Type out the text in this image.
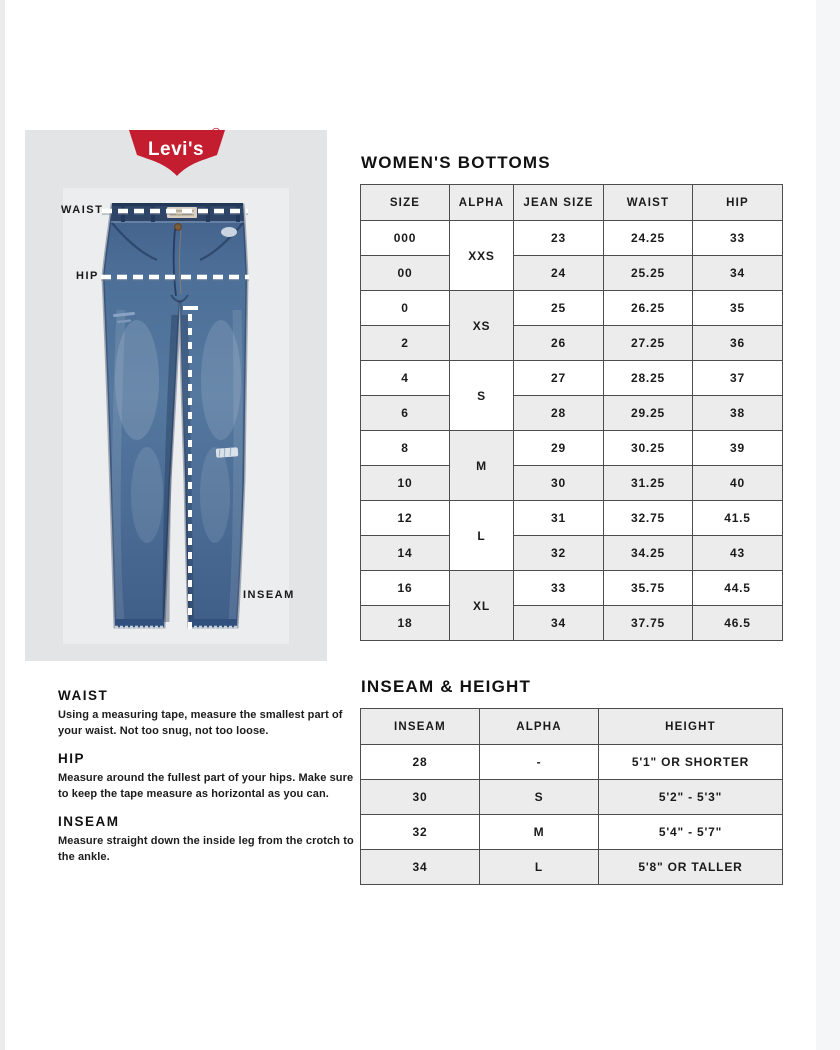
Levi's
®
WAIST
HIP
INSEAM
WOMEN'S BOTTOMS
SIZE	ALPHA	JEAN SIZE	WAIST	HIP
000	XXS	23	24.25	33
00		24	25.25	34
0	XS	25	26.25	35
2		26	27.25	36
4	S	27	28.25	37
6		28	29.25	38
8	M	29	30.25	39
10		30	31.25	40
12	L	31	32.75	41.5
14		32	34.25	43
16	XL	33	35.75	44.5
18		34	37.75	46.5
INSEAM & HEIGHT
INSEAM	ALPHA	HEIGHT
28	-	5'1" OR SHORTER
30	S	5'2" - 5'3"
32	M	5'4" - 5'7"
34	L	5'8" OR TALLER
WAIST

Using a measuring tape, measure the smallest part of your waist. Not too snug, not too loose.

HIP

Measure around the fullest part of your hips. Make sure to keep the tape measure as horizontal as you can.

INSEAM

Measure straight down the inside leg from the crotch to the ankle.
